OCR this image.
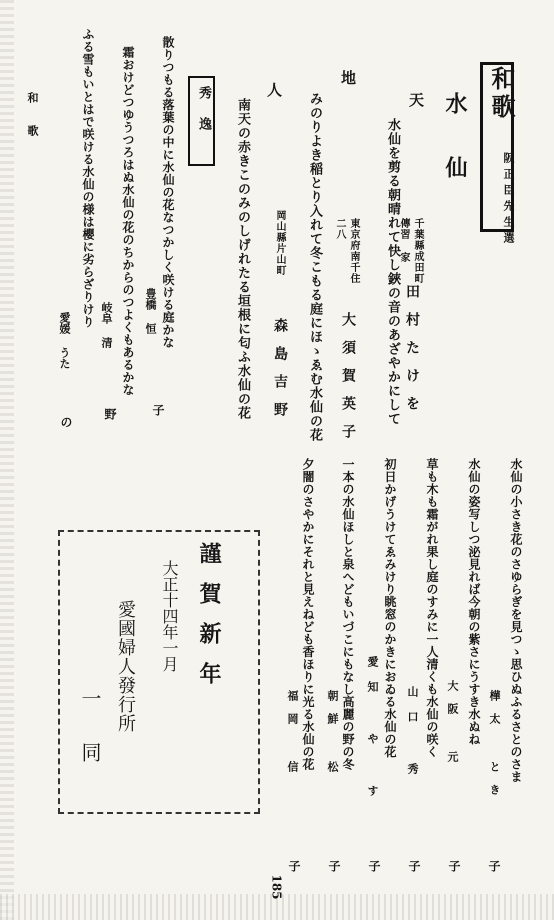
和歌
阪正臣先生選
水仙
天
水仙を剪る朝晴れて快し鋏の音のあざやかにして 千葉縣成田町
傳習
家
田村たけを
地
みのりよき稲とり入れて冬こもる庭にほゝゑむ水仙の花	東京府南千住
二八
大須賀英子
人
南天の赤きこのみのしげれたる垣根に匂ふ水仙の花 岡山縣片山町
森島吉野
秀逸
散りつもる落葉の中に水仙の花なつかしく咲ける庭かな
豊橋 恒
子
霜おけどつゆうつろはぬ水仙の花のちからのつよくもあるかな
岐阜 清
野
ふる雪もいとはで咲ける水仙の様は櫻に劣らざりけり
愛媛 うた
の
和歌
水仙の小さき花のさゆらぎを見つゝ思ひぬふるさとのさま
樺太 とき
子
水仙の姿写しつ泌見れば今朝の紫さにうすき水ぬね
大阪 元
子
草も木も霜がれ果し庭のすみに一人清くも水仙の咲く
山口 秀
子
初日かげうけてゑみけり眺窓のかきにおゐる水仙の花
愛知 や す
子
一本の水仙ほしと泉へどもいづこにもなし高麗の野の冬
朝鮮 松
子
夕闇のさやかにそれと見えねども香ほりに光る水仙の花
福岡 信
子
謹賀新年
大正十四年一月
愛國婦人發行所
一同
185
